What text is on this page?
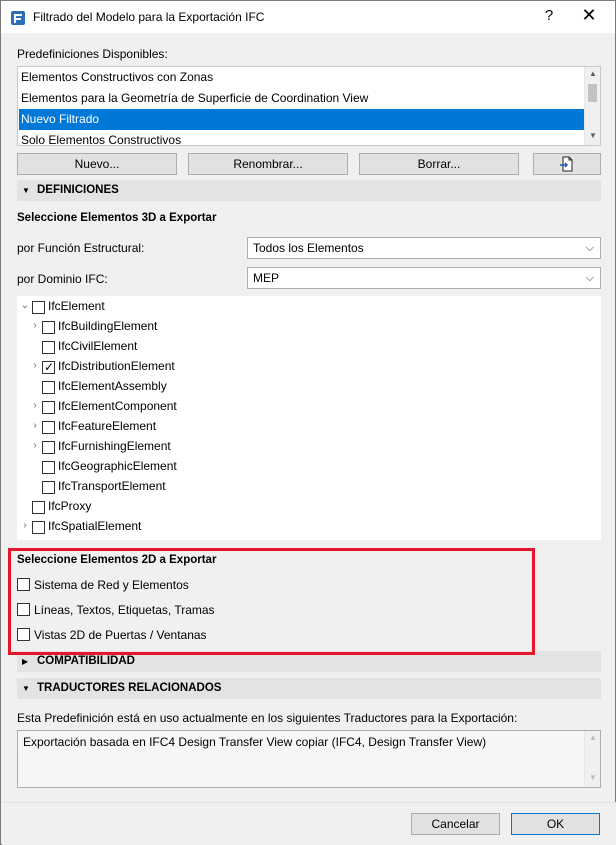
Filtrado del Modelo para la Exportación IFC	? ✕
Predefiniciones Disponibles:
Elementos Constructivos con Zonas
Elementos para la Geometría de Superficie de Coordination View
Nuevo Filtrado
Solo Elementos Constructivos
▲
▼
Nuevo...	Renombrar...	Borrar...
▼ DEFINICIONES
Seleccione Elementos 3D a Exportar
por Función Estructural:	Todos los Elementos	⌵
por Dominio IFC:	MEP	⌵
⌄ IfcElement
› IfcBuildingElement
IfcCivilElement
› ✓ IfcDistributionElement
IfcElementAssembly
› IfcElementComponent
› IfcFeatureElement
› IfcFurnishingElement
IfcGeographicElement
IfcTransportElement
IfcProxy
› IfcSpatialElement
Seleccione Elementos 2D a Exportar
Sistema de Red y Elementos
Líneas, Textos, Etiquetas, Tramas
Vistas 2D de Puertas / Ventanas
▶ COMPATIBILIDAD
▼ TRADUCTORES RELACIONADOS
Esta Predefinición está en uso actualmente en los siguientes Traductores para la Exportación:
Exportación basada en IFC4 Design Transfer View copiar (IFC4, Design Transfer View)	▲
▼
Cancelar	OK
